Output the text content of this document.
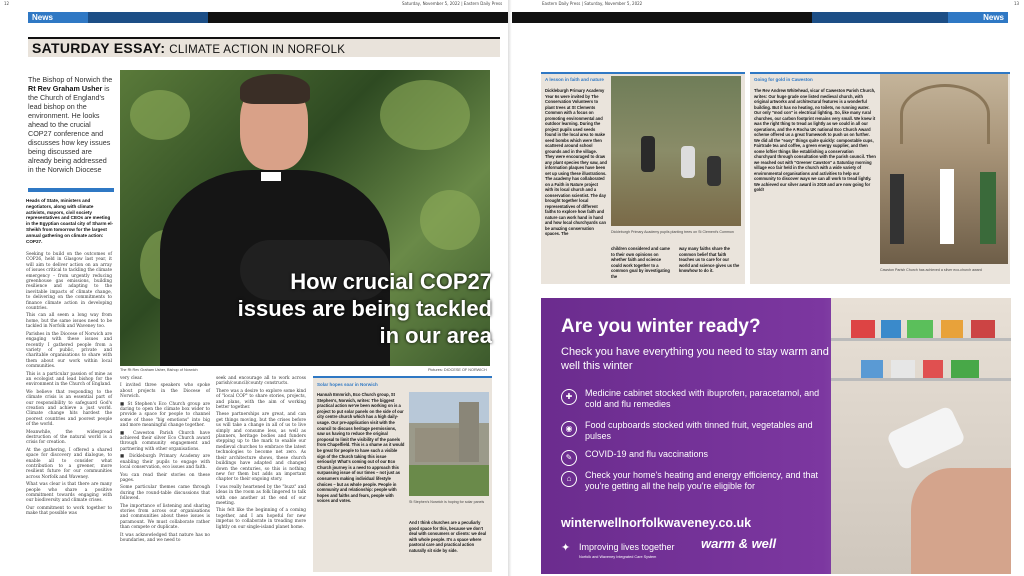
12	Saturday, November 5, 2022 | Eastern Daily Press
News
SATURDAY ESSAY: CLIMATE ACTION IN NORFOLK
The Bishop of Norwich the Rt Rev Graham Usher is the Church of England's lead bishop on the environment. He looks ahead to the crucial COP27 conference and discusses how key issues being discussed are already being addressed in the Norwich Diocese
Heads of State, ministers and negotiators, along with climate activists, mayors, civil society representatives and CEOs are meeting in the Egyptian coastal city of Sharm el-Sheikh from tomorrow for the largest annual gathering on climate action: COP27.

Seeking to build on the outcomes of COP26, held in Glasgow last year, it will aim to deliver action on an array of issues critical to tackling the climate emergency – from urgently reducing greenhouse gas emissions, building resilience and adapting to the inevitable impacts of climate change, to delivering on the commitments to finance climate action in developing countries.

This can all seem a long way from home, but the same issues need to be tackled in Norfolk and Waveney too.

Parishes in the Diocese of Norwich are engaging with these issues and recently I gathered people from a variety of public, private and charitable organisations to share with them about our work within local communities.

This is a particular passion of mine as an ecologist and lead bishop for the environment in the Church of England.

We believe that responding to the climate crisis is an essential part of our responsibility to safeguard God's creation and achieve a just world. Climate change hits hardest the poorest countries and poorest people of the world.

Meanwhile, the widespread destruction of the natural world is a crisis for creation.

At the gathering, I offered a shared space for discovery and dialogue, to enable all to consider what contribution to a greener, more resilient future for our communities across Norfolk and Waveney.

What was clear is that there are many people who share a positive commitment towards engaging with our biodiversity and climate crises.

Our commitment to work together to make that possible was

How crucial COP27 issues are being tackled in our area
The Rt Rev Graham Usher, Bishop of Norwich	Pictures: DIOCESE OF NORWICH

very clear.

I invited three speakers who spoke about projects in the Diocese of Norwich.

■ St Stephen's Eco Church group are daring to open the climate box wider to provide a space for people to channel some of those "big emotions" into big and more meaningful change together.

■ Caweston Parish Church have achieved their silver Eco Church award through community engagement and partnering with other organisations.

■ Dickleburgh Primary Academy are enabling their pupils to engage with local conservation, eco issues and faith.

You can read their stories on these pages.

Some particular themes came through during the round-table discussions that followed.

The importance of listening and sharing stories from across our organisations and communities about these issues is paramount. We must collaborate rather than compete or duplicate.

It was acknowledged that nature has no boundaries, and we need to

seek and encourage all to work across parish/council/county constructs.

There was a desire to explore some kind of "local COP" to share stories, projects, and plans, with the aim of working better together.

These partnerships are great, and can get things moving, but the crises before us will take a change in all of us to live simply and consume less, as well as planners, heritage bodies and funders stepping up to the mark to enable our medieval churches to embrace the latest technologies to become net zero. As their architecture shows, these church buildings have adapted and changed down the centuries, so this is nothing new for them but adds an important chapter to their ongoing story.

I was really heartened by the "buzz" and ideas in the room as folk lingered to talk with one another at the end of our meeting.

This felt like the beginning of a coming together, and I am hopeful for new impetus to collaborate in treading more lightly on our single-island planet home.

Solar hopes soar in Norwich
Hannah Emmrich, Eco Church group, St Stephen's, Norwich, writes: The biggest practical action we've been working on is a project to put solar panels on the side of our city centre church which has a high daily-usage. Our pre-application visit with the council to discuss heritage permissions, saw us having to reduce the original proposal to limit the visibility of the panels from Chapelfield. This is a shame as it would be great for people to have such a visible sign of the Church taking this issue seriously! What's coming out of our Eco Church journey is a need to approach this surpassing issue of our times – not just as consumers making individual lifestyle choices – but as whole people. People in community and relationship: people with hopes and faiths and fears, people with voices and votes.	St Stephen's Norwich is hoping for solar panels
And I think churches are a peculiarly good space for this, because we don't deal with consumers or clients: we deal with whole people. It's a space where pastoral care and practical action naturally sit side by side.
Eastern Daily Press | Saturday, November 5, 2022	13
News
A lesson in faith and nature
Dickleburgh Primary Academy Year 6s were invited by The Conservation Volunteers to plant trees at St Clements Common with a focus on promoting environmental and outdoor learning. During the project pupils used seeds found in the local area to make seed bombs which were then scattered around school grounds and in the village. They were encouraged to draw any plant species they saw, and information plaques have been set up using these illustrations. The academy has collaborated on a Faith in Nature project with its local church and a conservation scientist. The day brought together local representatives of different faiths to explore how faith and nature can work hand in hand and how local churchyards can be amazing conservation spaces. The	Dickleburgh Primary Academy pupils planting trees on St Clement's Common
children considered and came to their own opinions on whether faith and science could work together to a common goal by investigating the
way many faiths share the common belief that faith teaches us to care for our world and science gives us the knowhow to do it.
Going for gold in Caweston
The Rev Andrew Whitehead, vicar of Caweston Parish Church, writes: Our huge grade one listed medieval church, with original artworks and architectural features is a wonderful building. But it has no heating, no toilets, no running water. Our only "mod con" is electrical lighting. So, like many rural churches, our carbon footprint remains very small. We knew it was the right thing to tread as lightly as we could in all our operations, and the A Rocha UK national Eco Church Award scheme offered us a great framework to push us on further. We did all the "easy" things quite quickly: compostable cups, Fairtrade tea and coffee, a green energy supplier, and then some loftier things like establishing a conservation churchyard through consultation with the parish council. Then we reached out with "Greener Cawston" a Saturday morning village eco fair held in the church with a wide variety of environmental organisations and activities to help our community to discover ways we can all work to tread lightly. We achieved our silver award in 2019 and are now going for gold!
Cawston Parish Church has achieved a silver eco-church award
Are you winter ready?
Check you have everything you need to stay warm and well this winter
✚	Medicine cabinet stocked with ibuprofen, paracetamol, and cold and flu remedies
◉	Food cupboards stocked with tinned fruit, vegetables and pulses
✎	COVID-19 and flu vaccinations
⌂	Check your home's heating and energy efficiency, and that you're getting all the help you're eligible for
winterwellnorfolkwaveney.co.uk
✦ Improving lives together
Norfolk and Waveney Integrated Care System
warm & well
